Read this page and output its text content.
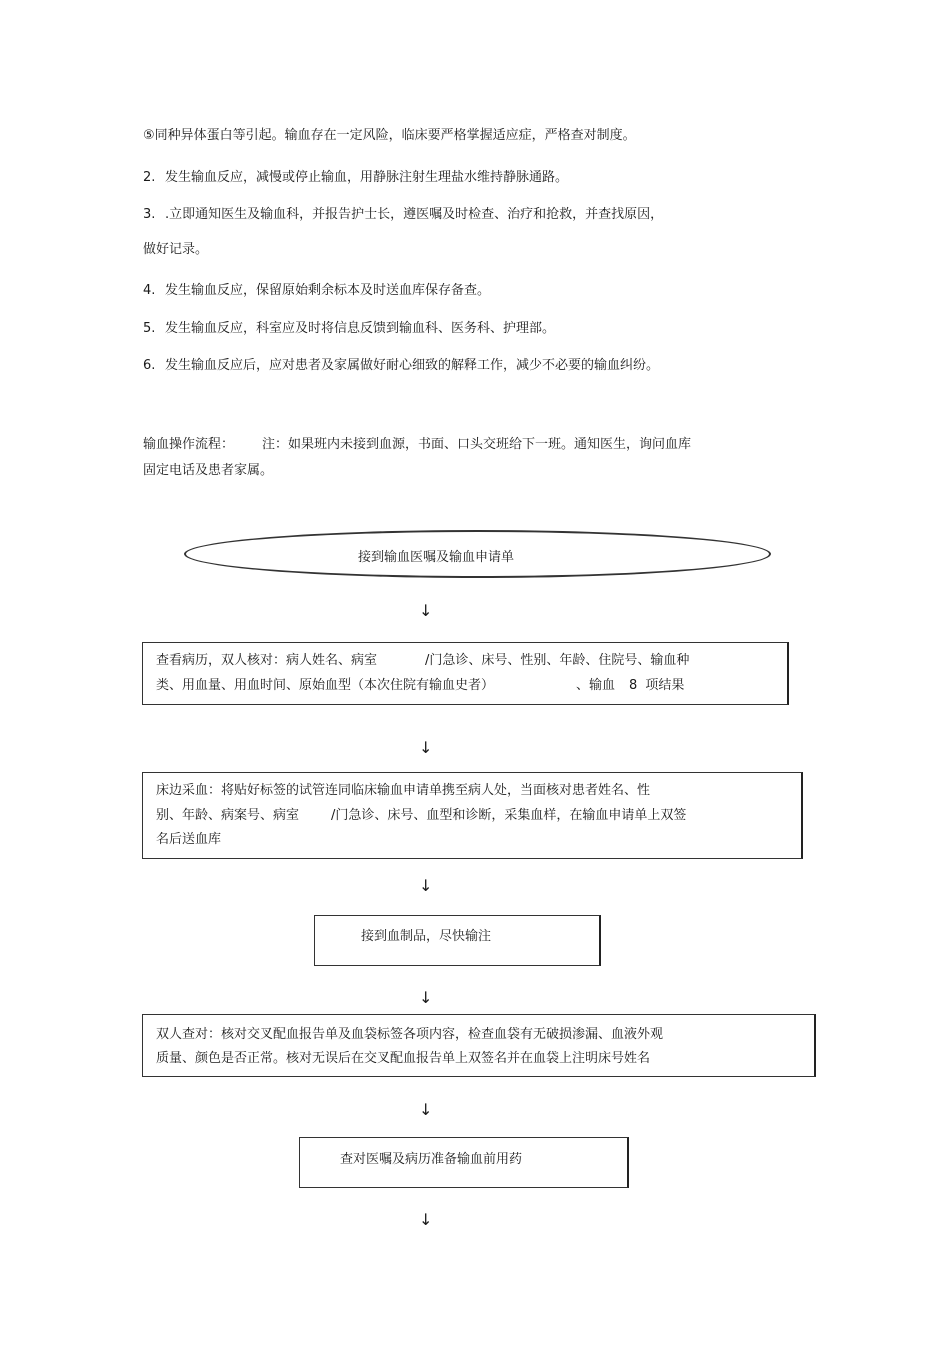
⑤同种异体蛋白等引起。输血存在一定风险，临床要严格掌握适应症，严格查对制度。
2. 发生输血反应，减慢或停止输血，用静脉注射生理盐水维持静脉通路。
3. .立即通知医生及输血科，并报告护士长，遵医嘱及时检查、治疗和抢救，并查找原因，
做好记录。
4. 发生输血反应，保留原始剩余标本及时送血库保存备查。
5. 发生输血反应，科室应及时将信息反馈到输血科、医务科、护理部。
6. 发生输血反应后，应对患者及家属做好耐心细致的解释工作，减少不必要的输血纠纷。
输血操作流程： 注：如果班内未接到血源，书面、口头交班给下一班。通知医生，询问血库
固定电话及患者家属。
接到输血医嘱及输血申请单
↓
查看病历，双人核对：病人姓名、病室	/门急诊、床号、性别、年龄、住院号、输血种
类、用血量、用血时间、原始血型（本次住院有输血史者）	、输血 8 项结果
↓
床边采血：将贴好标签的试管连同临床输血申请单携至病人处，当面核对患者姓名、性
别、年龄、病案号、病室 /门急诊、床号、血型和诊断，采集血样，在输血申请单上双签
名后送血库
↓
接到血制品，尽快输注
↓
双人查对：核对交叉配血报告单及血袋标签各项内容，检查血袋有无破损渗漏、血液外观
质量、颜色是否正常。核对无误后在交叉配血报告单上双签名并在血袋上注明床号姓名
↓
查对医嘱及病历准备输血前用药
↓
